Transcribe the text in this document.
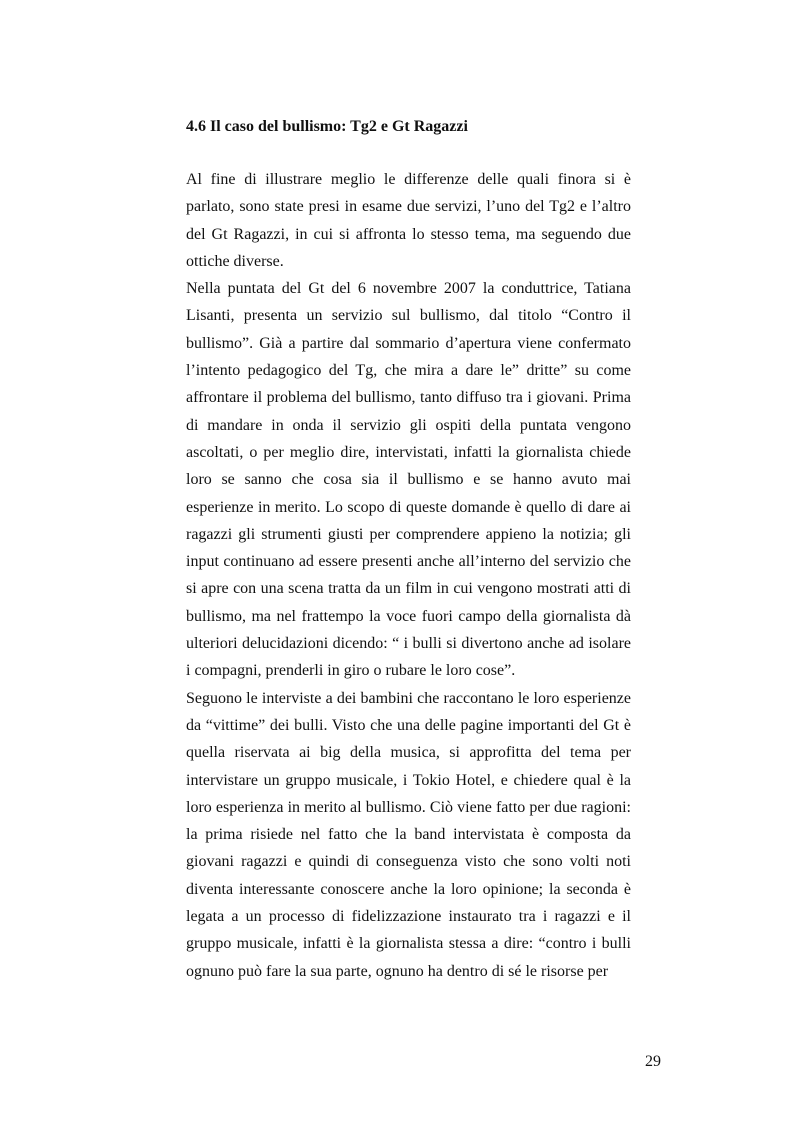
4.6 Il caso del bullismo: Tg2 e Gt Ragazzi

Al fine di illustrare meglio le differenze delle quali finora si è parlato, sono state presi in esame due servizi, l’uno del Tg2 e l’altro del Gt Ragazzi, in cui si affronta lo stesso tema, ma seguendo due ottiche diverse.

Nella puntata del Gt del 6 novembre 2007 la conduttrice, Tatiana Lisanti, presenta un servizio sul bullismo, dal titolo “Contro il bullismo”. Già a partire dal sommario d’apertura viene confermato l’intento pedagogico del Tg, che mira a dare le” dritte” su come affrontare il problema del bullismo, tanto diffuso tra i giovani. Prima di mandare in onda il servizio gli ospiti della puntata vengono ascoltati, o per meglio dire, intervistati, infatti la giornalista chiede loro se sanno che cosa sia il bullismo e se hanno avuto mai esperienze in merito. Lo scopo di queste domande è quello di dare ai ragazzi gli strumenti giusti per comprendere appieno la notizia; gli input continuano ad essere presenti anche all’interno del servizio che si apre con una scena tratta da un film in cui vengono mostrati atti di bullismo, ma nel frattempo la voce fuori campo della giornalista dà ulteriori delucidazioni dicendo: “ i bulli si divertono anche ad isolare i compagni, prenderli in giro o rubare le loro cose”.

Seguono le interviste a dei bambini che raccontano le loro esperienze da “vittime” dei bulli. Visto che una delle pagine importanti del Gt è quella riservata ai big della musica, si approfitta del tema per intervistare un gruppo musicale, i Tokio Hotel, e chiedere qual è la loro esperienza in merito al bullismo. Ciò viene fatto per due ragioni: la prima risiede nel fatto che la band intervistata è composta da giovani ragazzi e quindi di conseguenza visto che sono volti noti diventa interessante conoscere anche la loro opinione; la seconda è legata a un processo di fidelizzazione instaurato tra i ragazzi e il gruppo musicale, infatti è la giornalista stessa a dire: “contro i bulli ognuno può fare la sua parte, ognuno ha dentro di sé le risorse per

29
